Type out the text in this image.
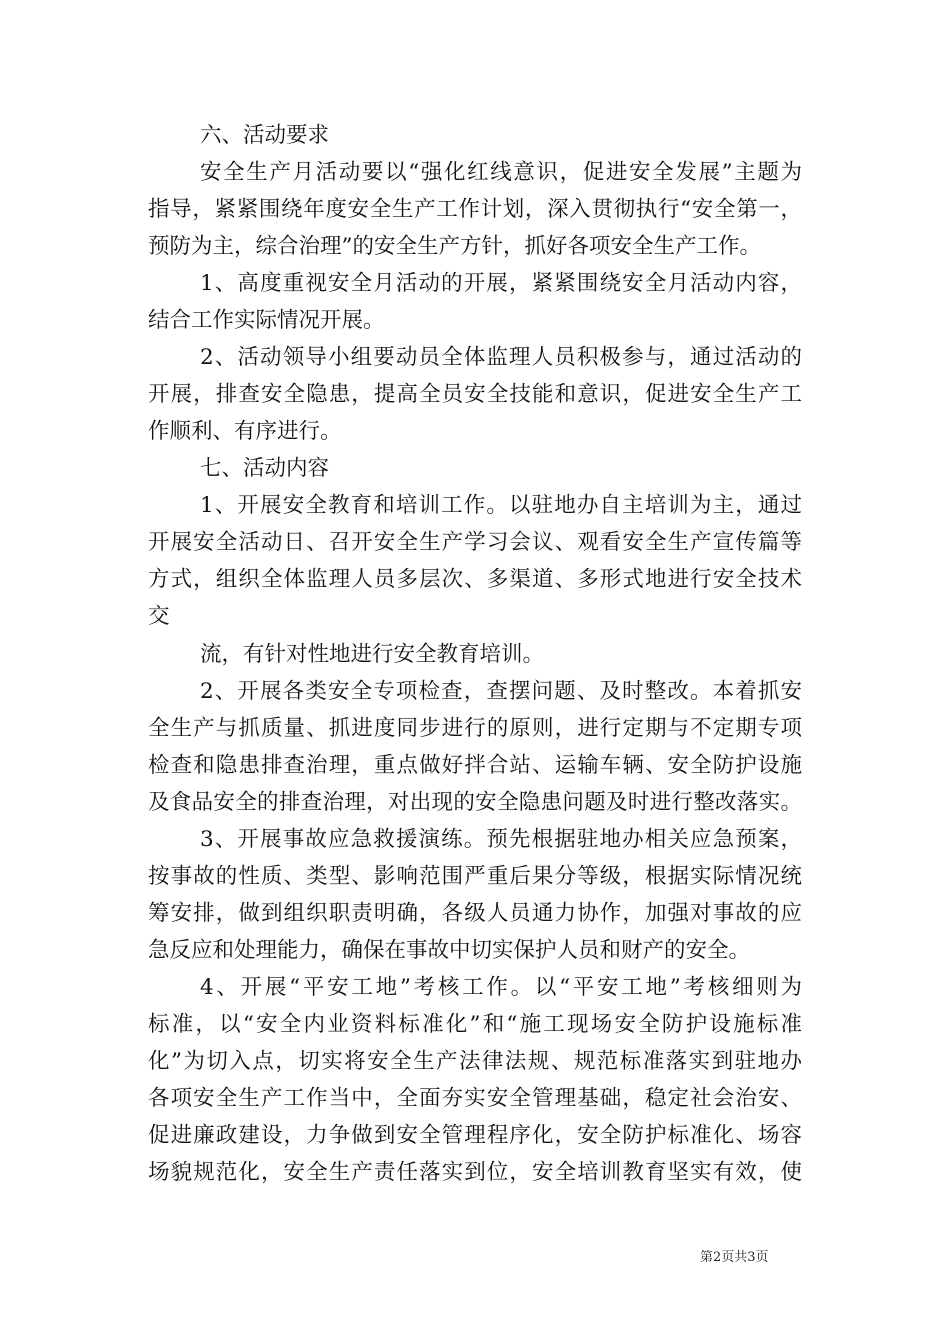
六、活动要求
安全生产月活动要以“强化红线意识，促进安全发展”主题为
指导，紧紧围绕年度安全生产工作计划，深入贯彻执行“安全第一，
预防为主，综合治理”的安全生产方针，抓好各项安全生产工作。
1、高度重视安全月活动的开展，紧紧围绕安全月活动内容，
结合工作实际情况开展。
2、活动领导小组要动员全体监理人员积极参与，通过活动的
开展，排查安全隐患，提高全员安全技能和意识，促进安全生产工
作顺利、有序进行。
七、活动内容
1、开展安全教育和培训工作。以驻地办自主培训为主，通过
开展安全活动日、召开安全生产学习会议、观看安全生产宣传篇等
方式，组织全体监理人员多层次、多渠道、多形式地进行安全技术
交
流，有针对性地进行安全教育培训。
2、开展各类安全专项检查，查摆问题、及时整改。本着抓安
全生产与抓质量、抓进度同步进行的原则，进行定期与不定期专项
检查和隐患排查治理，重点做好拌合站、运输车辆、安全防护设施
及食品安全的排查治理，对出现的安全隐患问题及时进行整改落实。
3、开展事故应急救援演练。预先根据驻地办相关应急预案，
按事故的性质、类型、影响范围严重后果分等级，根据实际情况统
筹安排，做到组织职责明确，各级人员通力协作，加强对事故的应
急反应和处理能力，确保在事故中切实保护人员和财产的安全。
4、开展“平安工地”考核工作。以“平安工地”考核细则为
标准，以“安全内业资料标准化”和“施工现场安全防护设施标准
化”为切入点，切实将安全生产法律法规、规范标准落实到驻地办
各项安全生产工作当中，全面夯实安全管理基础，稳定社会治安、
促进廉政建设，力争做到安全管理程序化，安全防护标准化、场容
场貌规范化，安全生产责任落实到位，安全培训教育坚实有效，使
第2页共3页
